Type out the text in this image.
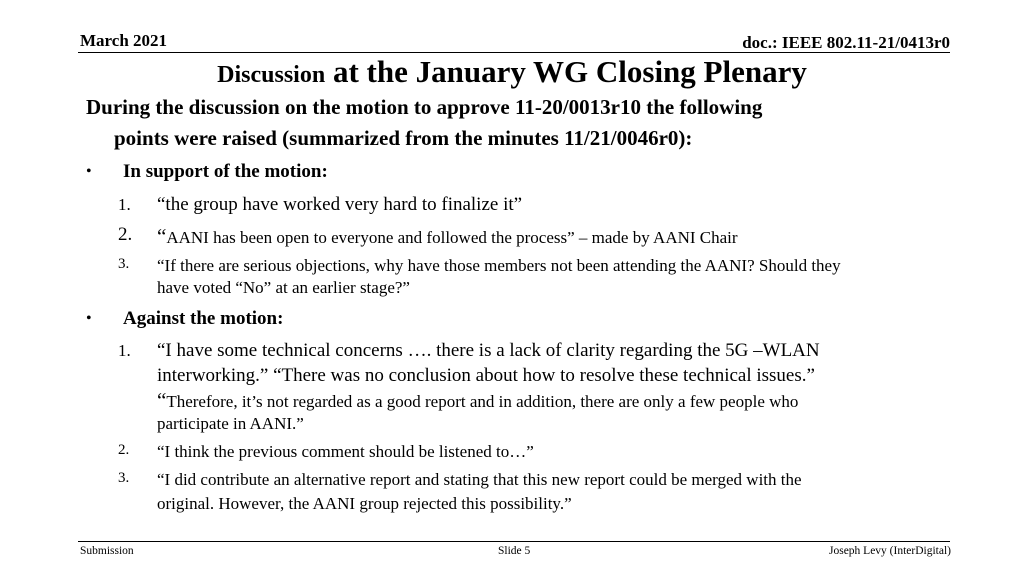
March 2021	doc.: IEEE 802.11-21/0413r0
Discussion at the January WG Closing Plenary
During the discussion on the motion to approve 11-20/0013r10 the following
points were raised (summarized from the minutes 11/21/0046r0):
• In support of the motion:
1. “the group have worked very hard to finalize it”
2. “AANI has been open to everyone and followed the process” – made by AANI Chair
3. “If there are serious objections, why have those members not been attending the AANI? Should they
have voted “No” at an earlier stage?”
• Against the motion:
1. “I have some technical concerns …. there is a lack of clarity regarding the 5G –WLAN
interworking.” “There was no conclusion about how to resolve these technical issues.”
“Therefore, it’s not regarded as a good report and in addition, there are only a few people who
participate in AANI.”
2. “I think the previous comment should be listened to…”
3. “I did contribute an alternative report and stating that this new report could be merged with the
original. However, the AANI group rejected this possibility.”
Submission	Slide 5	Joseph Levy (InterDigital)
